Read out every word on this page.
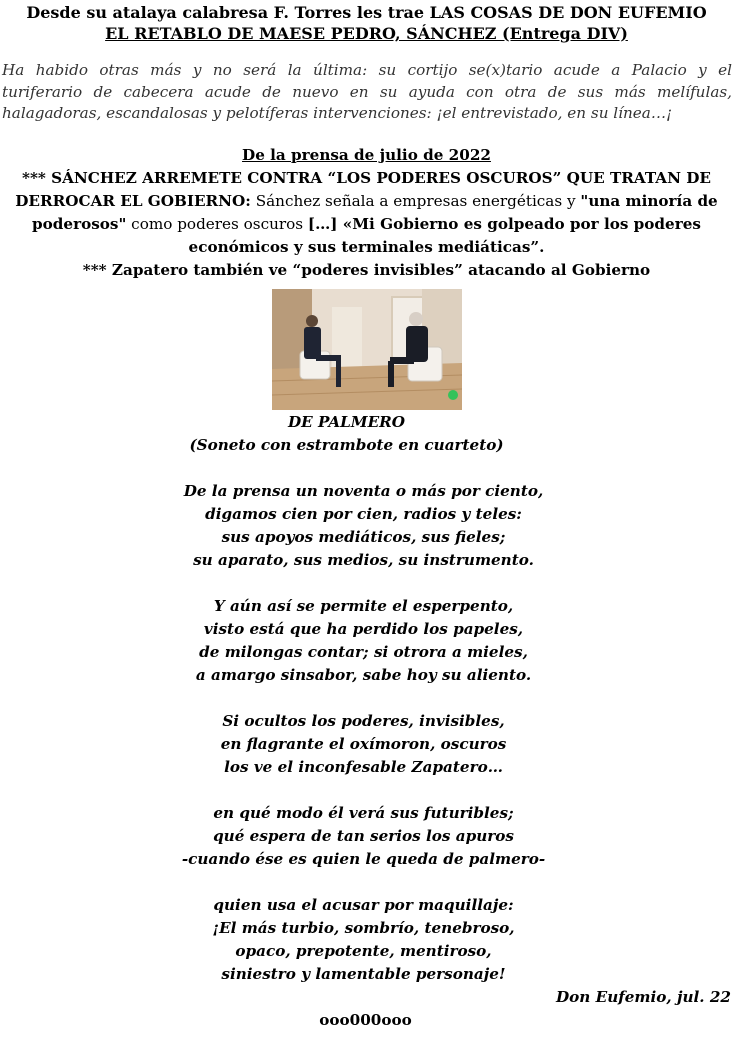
Desde su atalaya calabresa F. Torres les trae LAS COSAS DE DON EUFEMIO
EL RETABLO DE MAESE PEDRO, SÁNCHEZ (Entrega DIV)
Ha habido otras más y no será la última: su cortijo se(x)tario acude a Palacio y el
turiferario de cabecera acude de nuevo en su ayuda con otra de sus más melífulas,
halagadoras, escandalosas y pelotíferas intervenciones: ¡el entrevistado, en su línea…¡
De la prensa de julio de 2022
*** SÁNCHEZ ARREMETE CONTRA “LOS PODERES OSCUROS” QUE TRATAN DE
DERROCAR EL GOBIERNO: Sánchez señala a empresas energéticas y "una minoría de
poderosos" como poderes oscuros […] «Mi Gobierno es golpeado por los poderes
económicos y sus terminales mediáticas”.
*** Zapatero también ve “poderes invisibles” atacando al Gobierno
DE PALMERO
(Soneto con estrambote en cuarteto)
De la prensa un noventa o más por ciento,
digamos cien por cien, radios y teles:
sus apoyos mediáticos, sus fieles;
su aparato, sus medios, su instrumento.
Y aún así se permite el esperpento,
visto está que ha perdido los papeles,
de milongas contar; si otrora a mieles,
a amargo sinsabor, sabe hoy su aliento.
Si ocultos los poderes, invisibles,
en flagrante el oxímoron, oscuros
los ve el inconfesable Zapatero…
en qué modo él verá sus futuribles;
qué espera de tan serios los apuros
-cuando ése es quien le queda de palmero-
quien usa el acusar por maquillaje:
¡El más turbio, sombrío, tenebroso,
opaco, prepotente, mentiroso,
siniestro y lamentable personaje!
Don Eufemio, jul. 22
ooo000ooo
